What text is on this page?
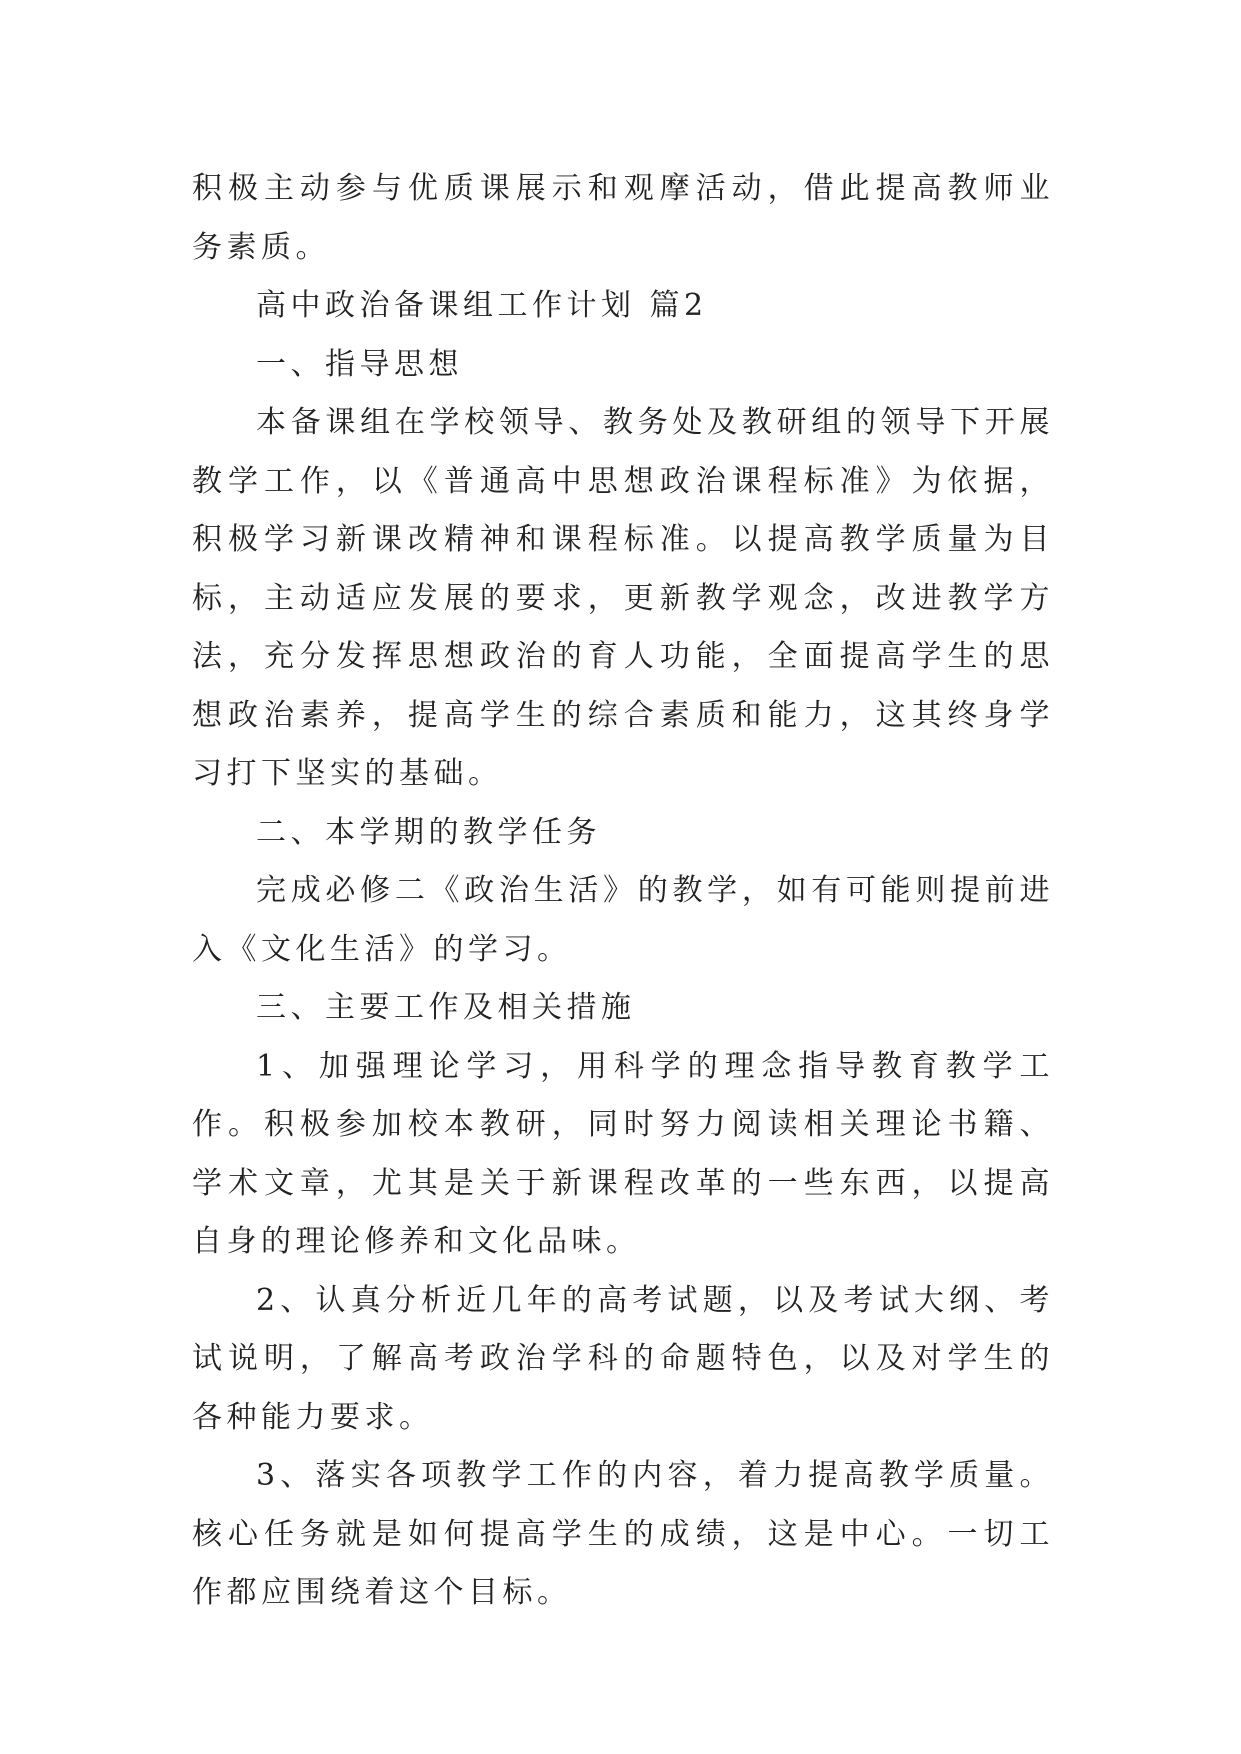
积极主动参与优质课展示和观摩活动，借此提高教师业务素质。

高中政治备课组工作计划 篇2

一、指导思想

本备课组在学校领导、教务处及教研组的领导下开展教学工作，以《普通高中思想政治课程标准》为依据，积极学习新课改精神和课程标准。以提高教学质量为目标，主动适应发展的要求，更新教学观念，改进教学方法，充分发挥思想政治的育人功能，全面提高学生的思想政治素养，提高学生的综合素质和能力，这其终身学习打下坚实的基础。

二、本学期的教学任务

完成必修二《政治生活》的教学，如有可能则提前进入《文化生活》的学习。

三、主要工作及相关措施

1、加强理论学习，用科学的理念指导教育教学工作。积极参加校本教研，同时努力阅读相关理论书籍、学术文章，尤其是关于新课程改革的一些东西，以提高自身的理论修养和文化品味。

2、认真分析近几年的高考试题，以及考试大纲、考试说明，了解高考政治学科的命题特色，以及对学生的各种能力要求。

3、落实各项教学工作的内容，着力提高教学质量。核心任务就是如何提高学生的成绩，这是中心。一切工作都应围绕着这个目标。
